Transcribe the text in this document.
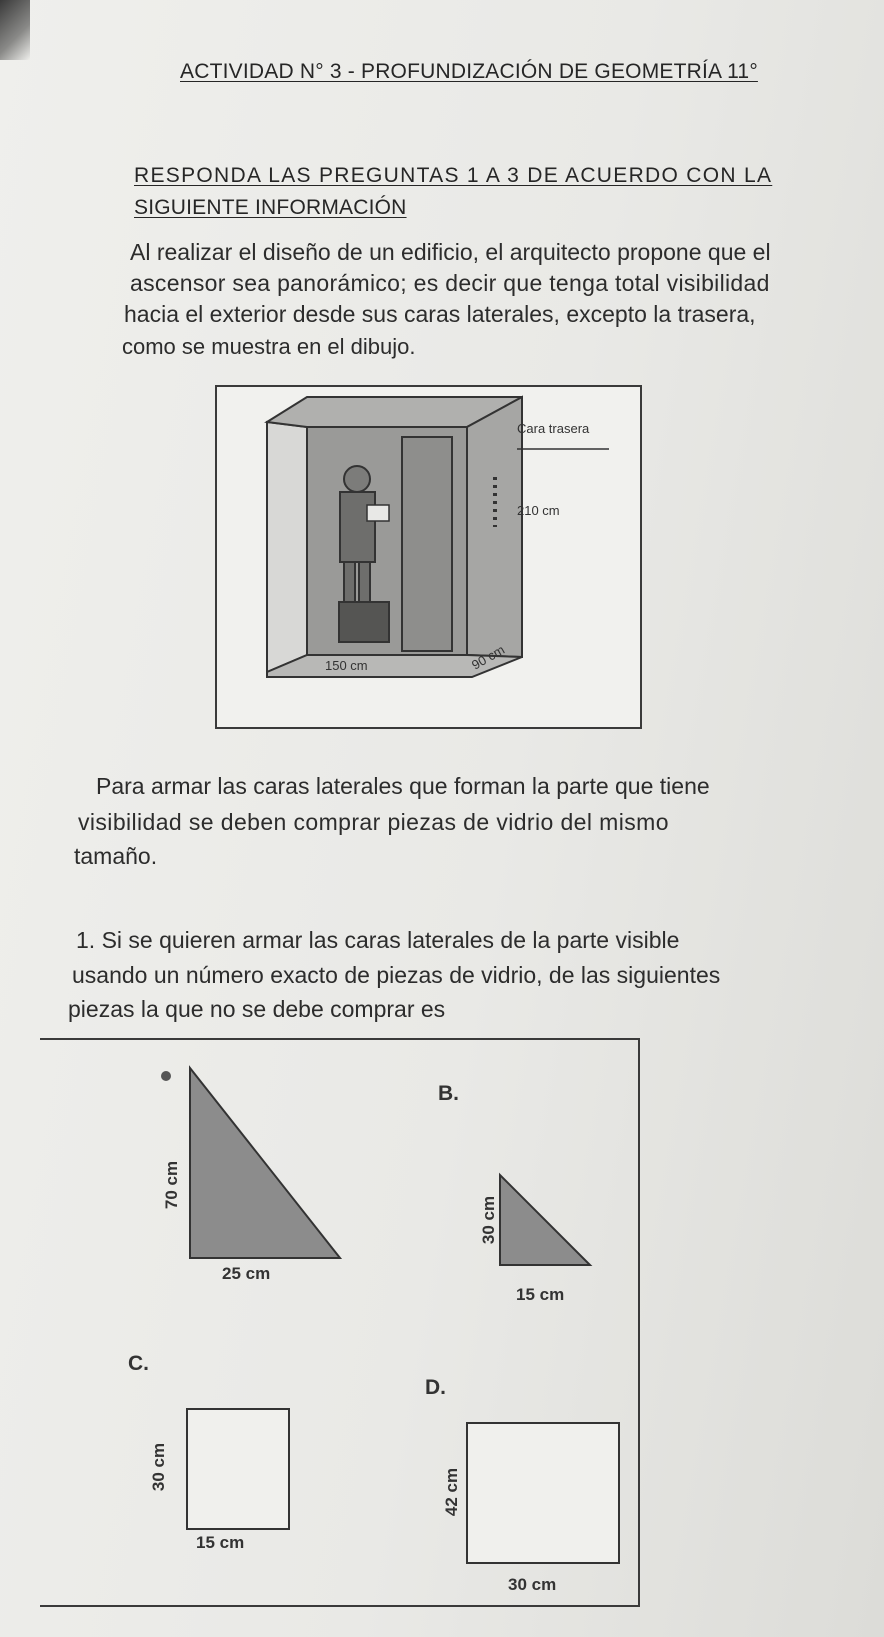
ACTIVIDAD N° 3 - PROFUNDIZACIÓN DE GEOMETRÍA 11°

RESPONDA LAS PREGUNTAS 1 A 3 DE ACUERDO CON LA

SIGUIENTE INFORMACIÓN

Al realizar el diseño de un edificio, el arquitecto propone que el

ascensor sea panorámico; es decir que tenga total visibilidad

hacia el exterior desde sus caras laterales, excepto la trasera,

como se muestra en el dibujo.

Cara trasera
210 cm
150 cm	90 cm

Para armar las caras laterales que forman la parte que tiene

visibilidad se deben comprar piezas de vidrio del mismo

tamaño.

1. Si se quieren armar las caras laterales de la parte visible

usando un número exacto de piezas de vidrio, de las siguientes

piezas la que no se debe comprar es

70 cm
25 cm
B.
30 cm
15 cm
C.
30 cm
15 cm
D.
42 cm
30 cm
